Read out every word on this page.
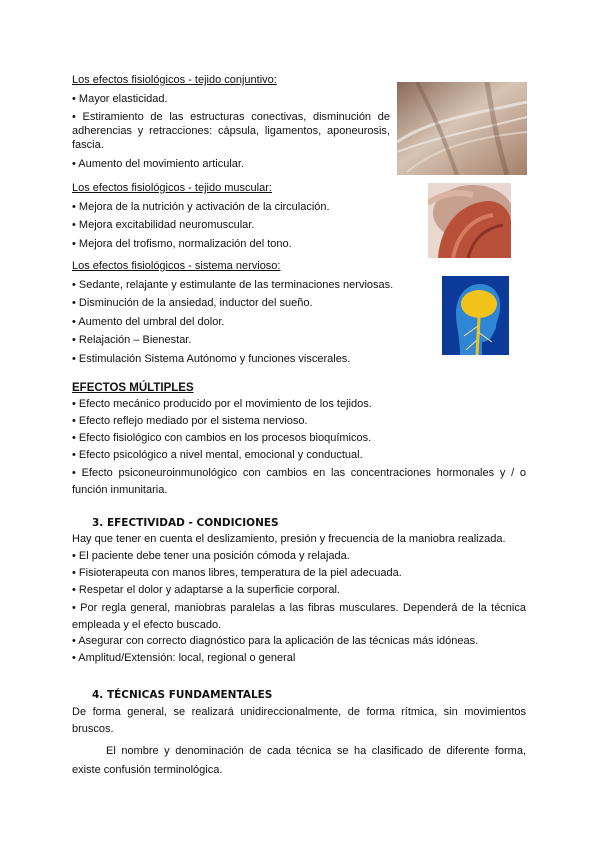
Los efectos fisiológicos - tejido conjuntivo:
• Mayor elasticidad.
• Estiramiento de las estructuras conectivas, disminución de adherencias y retracciones: cápsula, ligamentos, aponeurosis, fascia.
• Aumento del movimiento articular.
Los efectos fisiológicos - tejido muscular:
• Mejora de la nutrición y activación de la circulación.
• Mejora excitabilidad neuromuscular.
• Mejora del trofismo, normalización del tono.
Los efectos fisiológicos - sistema nervioso:
• Sedante, relajante y estimulante de las terminaciones nerviosas.
• Disminución de la ansiedad, inductor del sueño.
• Aumento del umbral del dolor.
• Relajación – Bienestar.
• Estimulación Sistema Autónomo y funciones viscerales.
EFECTOS MÚLTIPLES
• Efecto mecánico producido por el movimiento de los tejidos.
• Efecto reflejo mediado por el sistema nervioso.
• Efecto fisiológico con cambios en los procesos bioquímicos.
• Efecto psicológico a nivel mental, emocional y conductual.
• Efecto psiconeuroinmunológico con cambios en las concentraciones hormonales y / o función inmunitaria.
3. EFECTIVIDAD - CONDICIONES
Hay que tener en cuenta el deslizamiento, presión y frecuencia de la maniobra realizada.
• El paciente debe tener una posición cómoda y relajada.
• Fisioterapeuta con manos libres, temperatura de la piel adecuada.
• Respetar el dolor y adaptarse a la superficie corporal.
• Por regla general, maniobras paralelas a las fibras musculares. Dependerá de la técnica empleada y el efecto buscado.
• Asegurar con correcto diagnóstico para la aplicación de las técnicas más idóneas.
• Amplitud/Extensión: local, regional o general
4. TÉCNICAS FUNDAMENTALES
De forma general, se realizará unidireccionalmente, de forma rítmica, sin movimientos bruscos.
El nombre y denominación de cada técnica se ha clasificado de diferente forma, existe confusión terminológica.
